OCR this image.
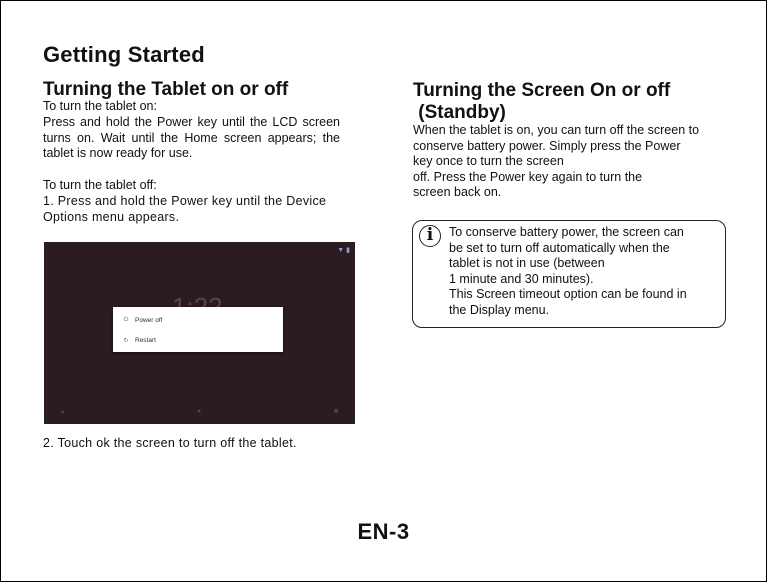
Getting Started
Turning the Tablet on or off

To turn the tablet on:

Press and hold the Power key until the LCD screen turns on. Wait until the Home screen appears; the tablet is now ready for use.

To turn the tablet off:

1. Press and hold the Power key until the Device Options menu appears.

▼ ▮
⏻ Power off
↻ Restart
◂	●	■

2. Touch ok the screen to turn off the tablet.

Turning the Screen On or off
(Standby)
When the tablet is on, you can turn off the screen to
conserve battery power. Simply press the Power
key once to turn the screen
off. Press the Power key again to turn the
screen back on.
i	To conserve battery power, the screen can
be set to turn off automatically when the
tablet is not in use (between
1 minute and 30 minutes).
This Screen timeout option can be found in
the Display menu.
EN-3
